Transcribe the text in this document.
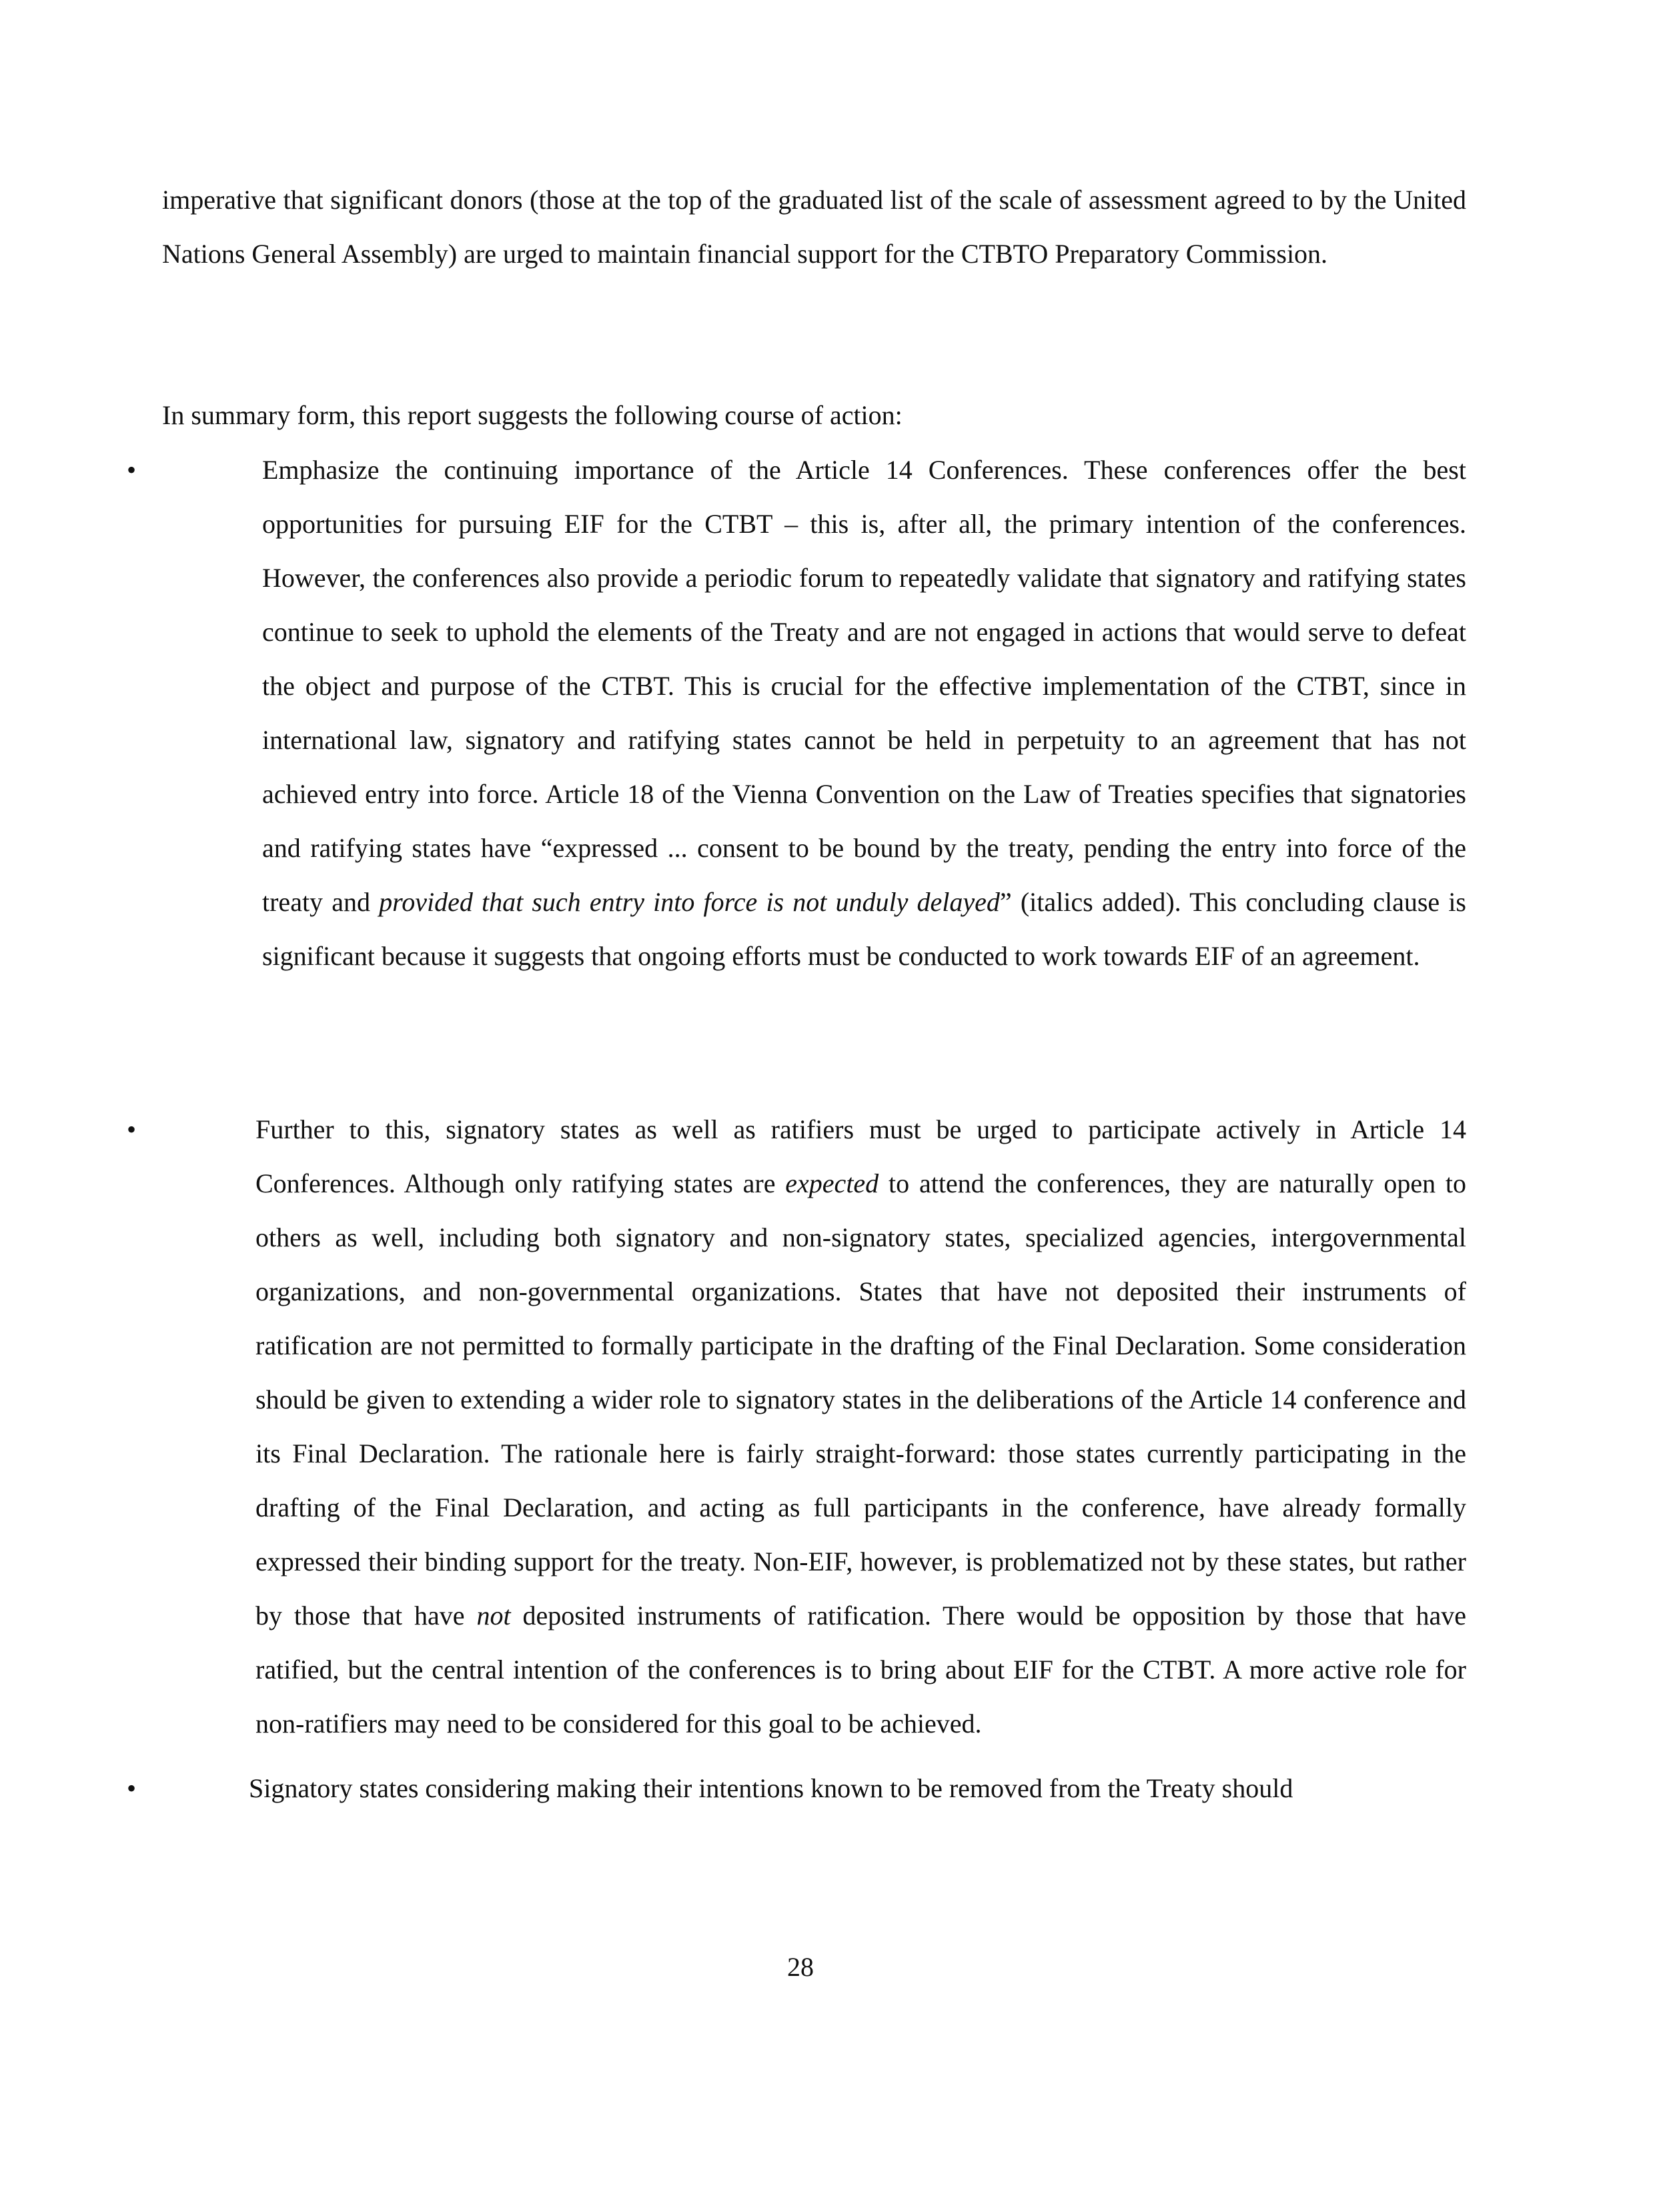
imperative that significant donors (those at the top of the graduated list of the scale of assessment agreed to by the United Nations General Assembly) are urged to maintain financial support for the CTBTO Preparatory Commission.

In summary form, this report suggests the following course of action:

•	Emphasize the continuing importance of the Article 14 Conferences. These conferences offer the best opportunities for pursuing EIF for the CTBT – this is, after all, the primary intention of the conferences. However, the conferences also provide a periodic forum to repeatedly validate that signatory and ratifying states continue to seek to uphold the elements of the Treaty and are not engaged in actions that would serve to defeat the object and purpose of the CTBT. This is crucial for the effective implementation of the CTBT, since in international law, signatory and ratifying states cannot be held in perpetuity to an agreement that has not achieved entry into force. Article 18 of the Vienna Convention on the Law of Treaties specifies that signatories and ratifying states have “expressed ... consent to be bound by the treaty, pending the entry into force of the treaty and provided that such entry into force is not unduly delayed” (italics added). This concluding clause is significant because it suggests that ongoing efforts must be conducted to work towards EIF of an agreement.

•	Further to this, signatory states as well as ratifiers must be urged to participate actively in Article 14 Conferences. Although only ratifying states are expected to attend the conferences, they are naturally open to others as well, including both signatory and non-signatory states, specialized agencies, intergovernmental organizations, and non-governmental organizations. States that have not deposited their instruments of ratification are not permitted to formally participate in the drafting of the Final Declaration. Some consideration should be given to extending a wider role to signatory states in the deliberations of the Article 14 conference and its Final Declaration. The rationale here is fairly straight-forward: those states currently participating in the drafting of the Final Declaration, and acting as full participants in the conference, have already formally expressed their binding support for the treaty. Non-EIF, however, is problematized not by these states, but rather by those that have not deposited instruments of ratification. There would be opposition by those that have ratified, but the central intention of the conferences is to bring about EIF for the CTBT. A more active role for non-ratifiers may need to be considered for this goal to be achieved.

•	Signatory states considering making their intentions known to be removed from the Treaty should

28
